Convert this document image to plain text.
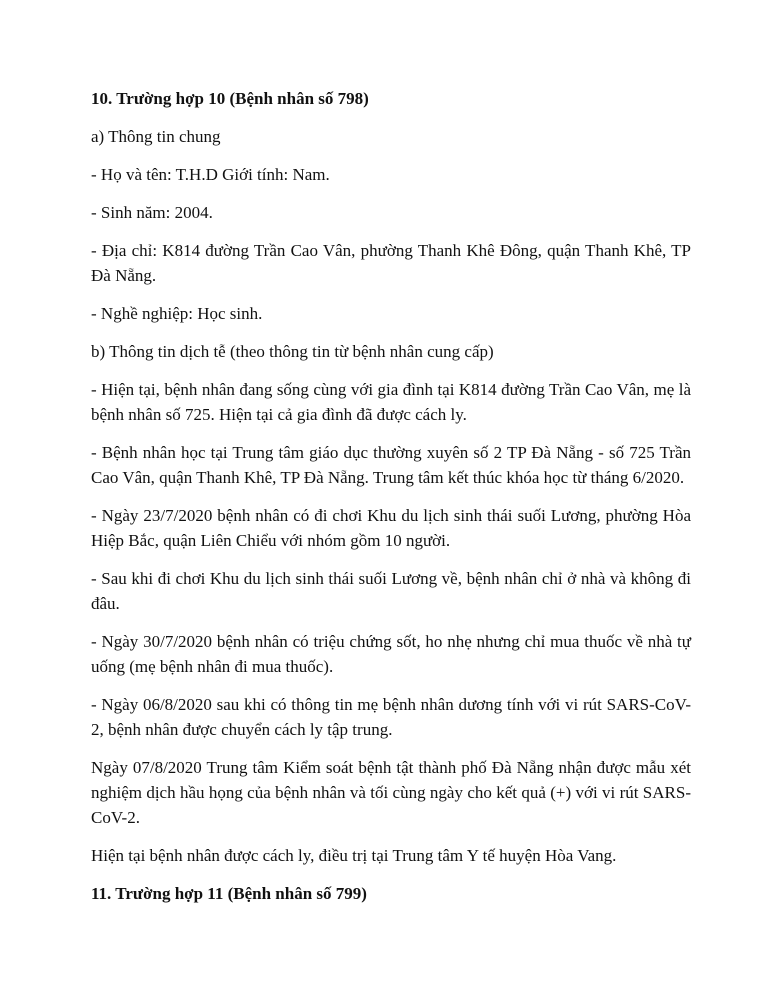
10. Trường hợp 10 (Bệnh nhân số 798)

a) Thông tin chung

- Họ và tên: T.H.D Giới tính: Nam.

- Sinh năm: 2004.

- Địa chỉ: K814 đường Trần Cao Vân, phường Thanh Khê Đông, quận Thanh Khê, TP Đà Nẵng.

- Nghề nghiệp: Học sinh.

b) Thông tin dịch tễ (theo thông tin từ bệnh nhân cung cấp)

- Hiện tại, bệnh nhân đang sống cùng với gia đình tại K814 đường Trần Cao Vân, mẹ là bệnh nhân số 725. Hiện tại cả gia đình đã được cách ly.

- Bệnh nhân học tại Trung tâm giáo dục thường xuyên số 2 TP Đà Nẵng - số 725 Trần Cao Vân, quận Thanh Khê, TP Đà Nẵng. Trung tâm kết thúc khóa học từ tháng 6/2020.

- Ngày 23/7/2020 bệnh nhân có đi chơi Khu du lịch sinh thái suối Lương, phường Hòa Hiệp Bắc, quận Liên Chiểu với nhóm gồm 10 người.

- Sau khi đi chơi Khu du lịch sinh thái suối Lương về, bệnh nhân chỉ ở nhà và không đi đâu.

- Ngày 30/7/2020 bệnh nhân có triệu chứng sốt, ho nhẹ nhưng chỉ mua thuốc về nhà tự uống (mẹ bệnh nhân đi mua thuốc).

- Ngày 06/8/2020 sau khi có thông tin mẹ bệnh nhân dương tính với vi rút SARS-CoV-2, bệnh nhân được chuyển cách ly tập trung.

Ngày 07/8/2020 Trung tâm Kiểm soát bệnh tật thành phố Đà Nẵng nhận được mẫu xét nghiệm dịch hầu họng của bệnh nhân và tối cùng ngày cho kết quả (+) với vi rút SARS-CoV-2.

Hiện tại bệnh nhân được cách ly, điều trị tại Trung tâm Y tế huyện Hòa Vang.

11. Trường hợp 11 (Bệnh nhân số 799)
